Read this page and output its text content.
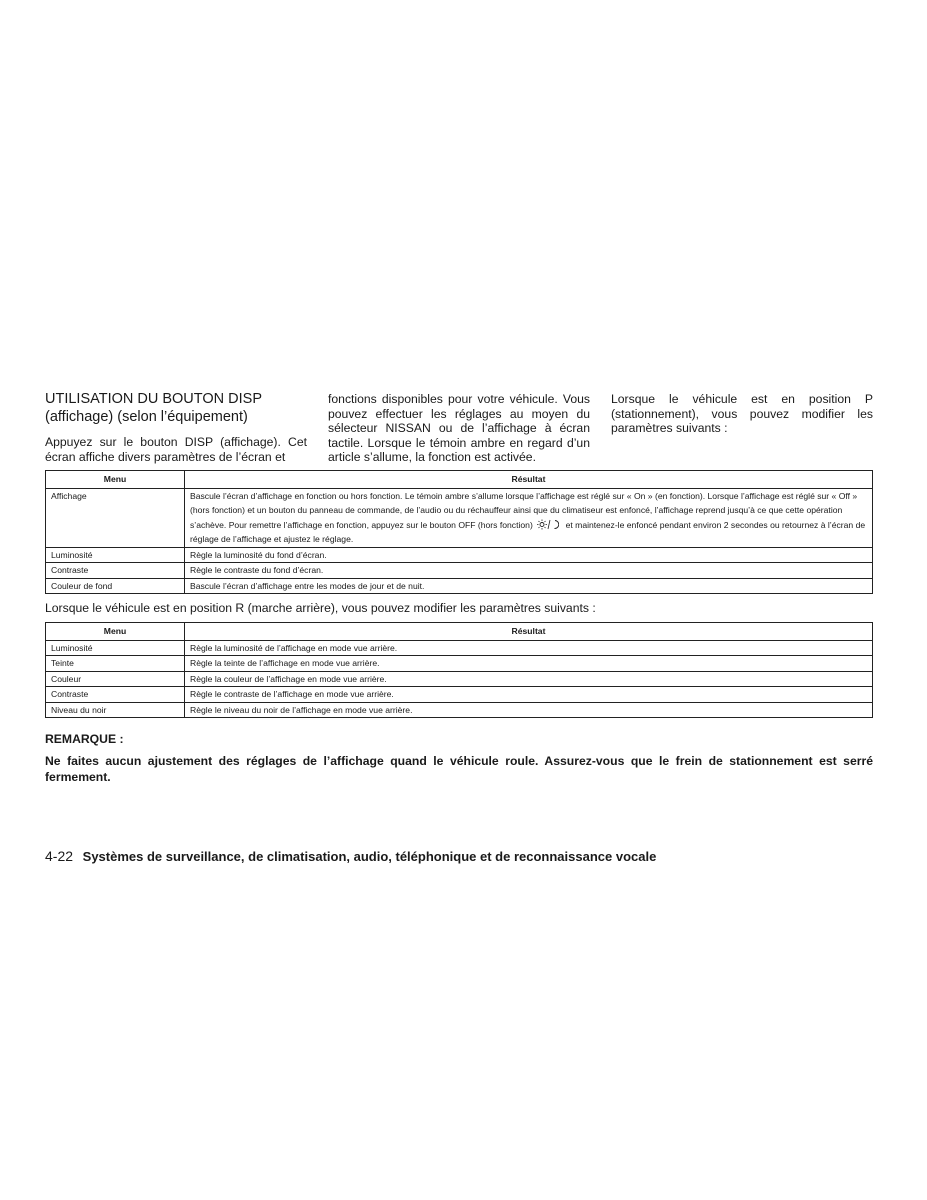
UTILISATION DU BOUTON DISP
(affichage) (selon l’équipement)
Appuyez sur le bouton DISP (affichage). Cet écran affiche divers paramètres de l’écran et
fonctions disponibles pour votre véhicule. Vous pouvez effectuer les réglages au moyen du sélecteur NISSAN ou de l’affichage à écran tactile. Lorsque le témoin ambre en regard d’un article s’allume, la fonction est activée.
Lorsque le véhicule est en position P (stationnement), vous pouvez modifier les paramètres suivants :
Menu	Résultat
Affichage	Bascule l’écran d’affichage en fonction ou hors fonction. Le témoin ambre s’allume lorsque l’affichage est réglé sur « On » (en fonction). Lorsque l’affichage est réglé sur « Off » (hors fonction) et un bouton du panneau de commande, de l’audio ou du réchauffeur ainsi que du climatiseur est enfoncé, l’affichage reprend jusqu’à ce que cette opération s’achève. Pour remettre l’affichage en fonction, appuyez sur le bouton OFF (hors fonction) et maintenez-le enfoncé pendant environ 2 secondes ou retournez à l’écran de réglage de l’affichage et ajustez le réglage.
Luminosité	Règle la luminosité du fond d’écran.
Contraste	Règle le contraste du fond d’écran.
Couleur de fond	Bascule l’écran d’affichage entre les modes de jour et de nuit.
Lorsque le véhicule est en position R (marche arrière), vous pouvez modifier les paramètres suivants :
Menu	Résultat
Luminosité	Règle la luminosité de l’affichage en mode vue arrière.
Teinte	Règle la teinte de l’affichage en mode vue arrière.
Couleur	Règle la couleur de l’affichage en mode vue arrière.
Contraste	Règle le contraste de l’affichage en mode vue arrière.
Niveau du noir	Règle le niveau du noir de l’affichage en mode vue arrière.
REMARQUE :
Ne faites aucun ajustement des réglages de l’affichage quand le véhicule roule. Assurez-vous que le frein de stationnement est serré fermement.
4-22 Systèmes de surveillance, de climatisation, audio, téléphonique et de reconnaissance vocale
